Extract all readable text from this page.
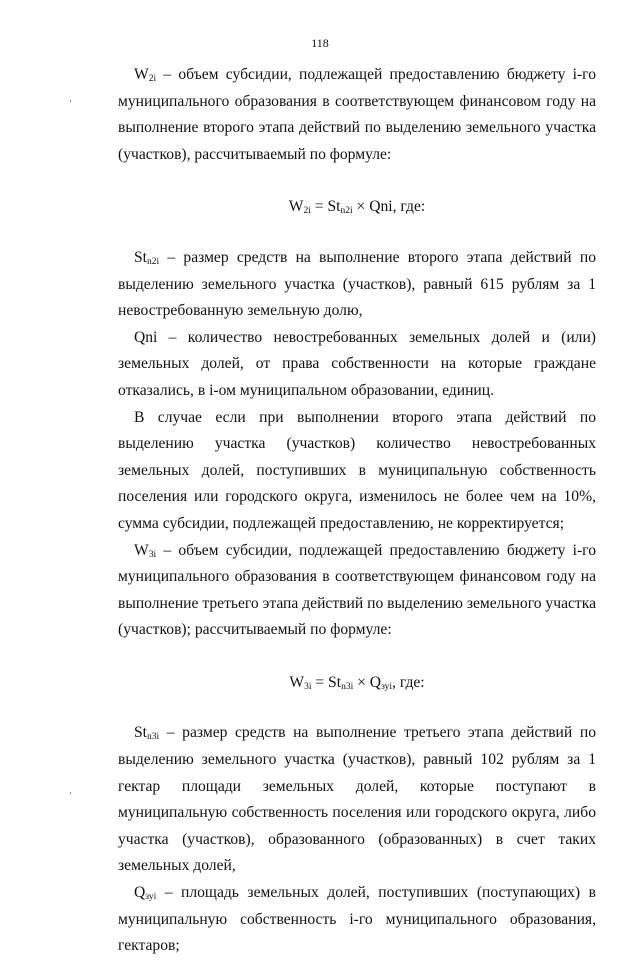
118

$W_{2i}$ – объем субсидии, подлежащей предоставлению бюджету i-го муниципального образования в соответствующем финансовом году на выполнение второго этапа действий по выделению земельного участка (участков), рассчитываемый по формуле:

$W_{2i} = St_{n2i}$ × Qni, где:

$St_{n2i}$ – размер средств на выполнение второго этапа действий по выделению земельного участка (участков), равный 615 рублям за 1 невостребованную земельную долю,

Qni – количество невостребованных земельных долей и (или) земельных долей, от права собственности на которые граждане отказались, в i-ом муниципальном образовании, единиц.

В случае если при выполнении второго этапа действий по выделению участка (участков) количество невостребованных земельных долей, поступивших в муниципальную собственность поселения или городского округа, изменилось не более чем на 10%, сумма субсидии, подлежащей предоставлению, не корректируется;

$W_{3i}$ – объем субсидии, подлежащей предоставлению бюджету i-го муниципального образования в соответствующем финансовом году на выполнение третьего этапа действий по выделению земельного участка (участков); рассчитываемый по формуле:

$W_{3i} = St_{n3i} \times Q_{зуi}$, где:

$St_{n3i}$ – размер средств на выполнение третьего этапа действий по выделению земельного участка (участков), равный 102 рублям за 1 гектар площади земельных долей, которые поступают в муниципальную собственность поселения или городского округа, либо участка (участков), образованного (образованных) в счет таких земельных долей,

$Q_{зуi}$ – площадь земельных долей, поступивших (поступающих) в муниципальную собственность i-го муниципального образования, гектаров;
